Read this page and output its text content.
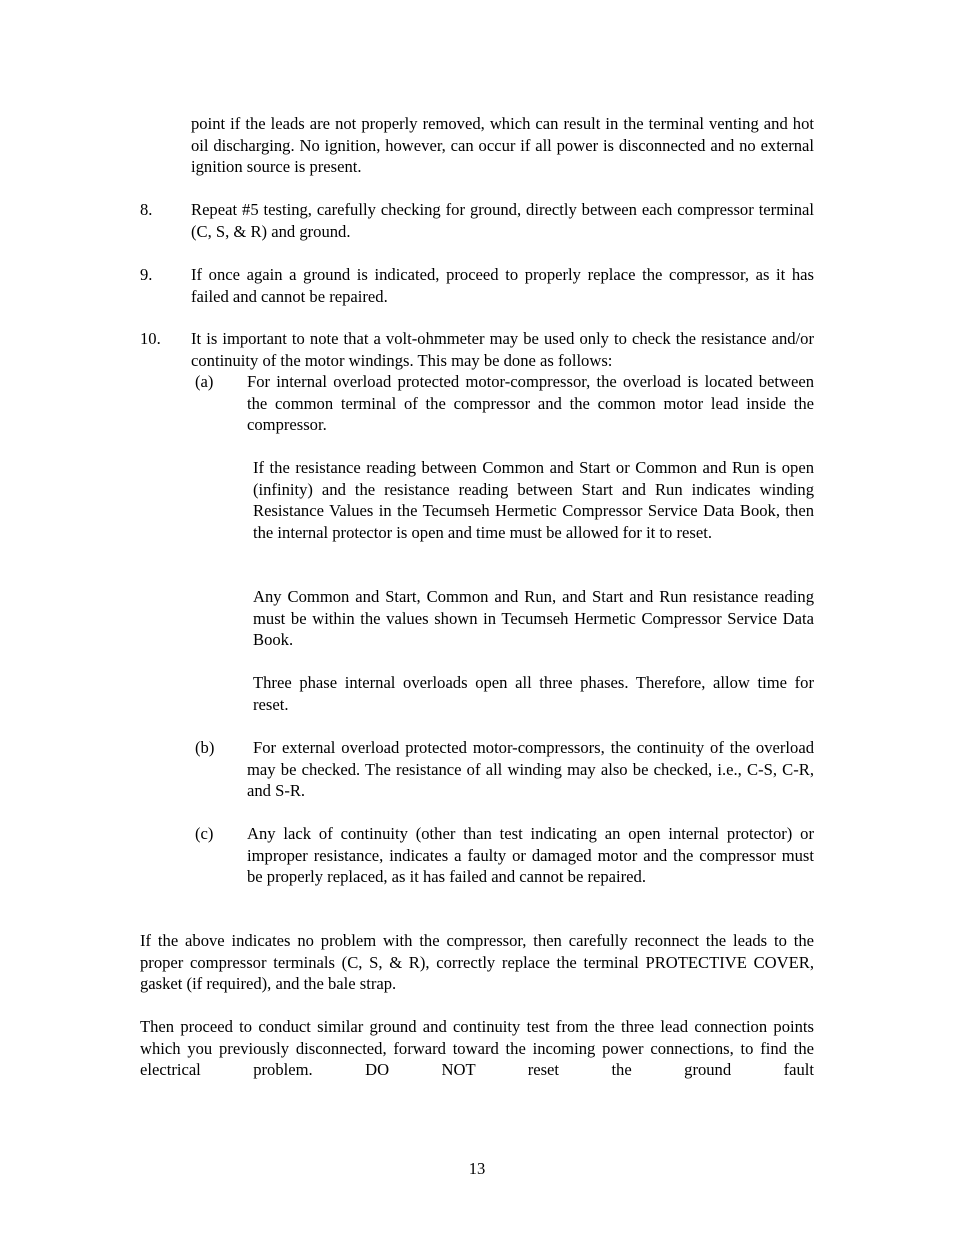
point if the leads are not properly removed, which can result in the terminal venting and hot oil discharging. No ignition, however, can occur if all power is disconnected and no external ignition source is present.

8. Repeat #5 testing, carefully checking for ground, directly between each compressor terminal (C, S, & R) and ground.

9. If once again a ground is indicated, proceed to properly replace the compressor, as it has failed and cannot be repaired.

10. It is important to note that a volt-ohmmeter may be used only to check the resistance and/or continuity of the motor windings. This may be done as follows:

(a) For internal overload protected motor-compressor, the overload is located between the common terminal of the compressor and the common motor lead inside the compressor.

If the resistance reading between Common and Start or Common and Run is open (infinity) and the resistance reading between Start and Run indicates winding Resistance Values in the Tecumseh Hermetic Compressor Service Data Book, then the internal protector is open and time must be allowed for it to reset.

Any Common and Start, Common and Run, and Start and Run resistance reading must be within the values shown in Tecumseh Hermetic Compressor Service Data Book.

Three phase internal overloads open all three phases. Therefore, allow time for reset.

(b)	For external overload protected motor-compressors, the continuity of the overload may be checked. The resistance of all winding may also be checked, i.e., C-S, C-R, and S-R.

(c) Any lack of continuity (other than test indicating an open internal protector) or improper resistance, indicates a faulty or damaged motor and the compressor must be properly replaced, as it has failed and cannot be repaired.

If the above indicates no problem with the compressor, then carefully reconnect the leads to the proper compressor terminals (C, S, & R), correctly replace the terminal PROTECTIVE COVER, gasket (if required), and the bale strap.

Then proceed to conduct similar ground and continuity test from the three lead connection points which you previously disconnected, forward toward the incoming power connections, to find the electrical problem. DO NOT reset the ground fault

13
